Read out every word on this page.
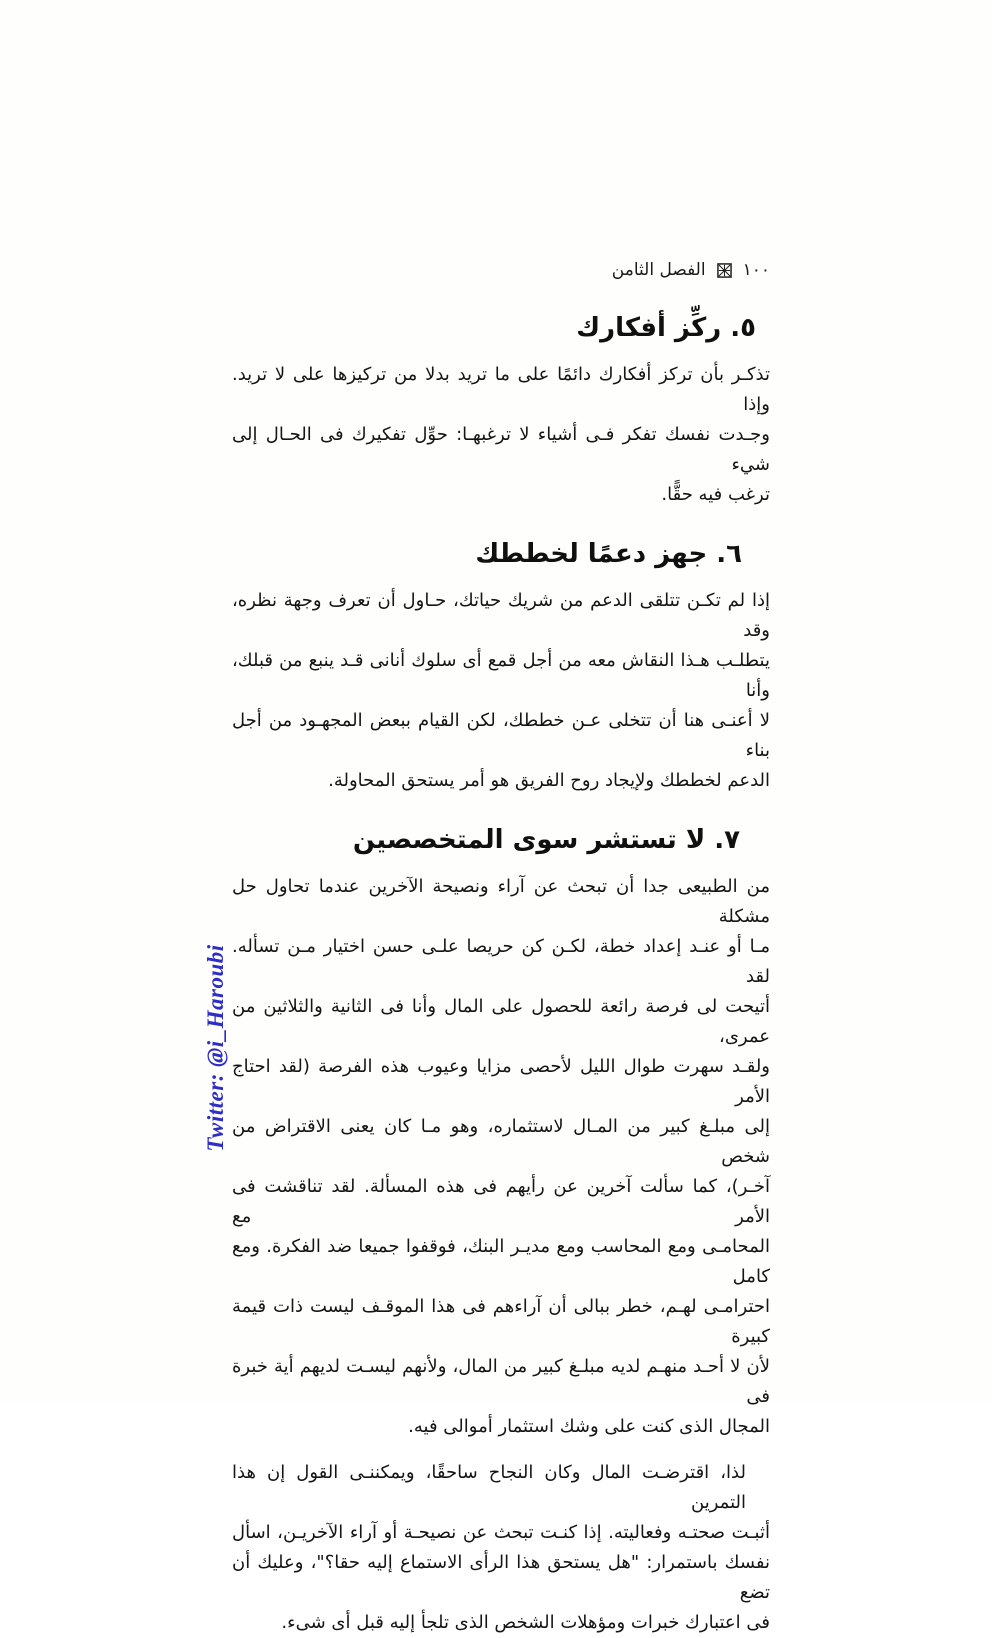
١٠٠
الفصل الثامن
٥. ركِّز أفكارك
تذكـر بأن تركز أفكارك دائمًا على ما تريد بدلا من تركيزها على لا تريد. وإذا
وجـدت نفسك تفكر فـى أشياء لا ترغبهـا: حوِّل تفكيرك فى الحـال إلى شيء
ترغب فيه حقًّا.
٦. جهز دعمًا لخططك
إذا لم تكـن تتلقى الدعم من شريك حياتك، حـاول أن تعرف وجهة نظره، وقد
يتطلـب هـذا النقاش معه من أجل قمع أى سلوك أنانى قـد ينبع من قبلك، وأنا
لا أعنـى هنا أن تتخلى عـن خططك، لكن القيام ببعض المجهـود من أجل بناء
الدعم لخططك ولإيجاد روح الفريق هو أمر يستحق المحاولة.
٧. لا تستشر سوى المتخصصين
من الطبيعى جدا أن تبحث عن آراء ونصيحة الآخرين عندما تحاول حل مشكلة
مـا أو عنـد إعداد خطة، لكـن كن حريصا علـى حسن اختيار مـن تسأله. لقد
أتيحت لى فرصة رائعة للحصول على المال وأنا فى الثانية والثلاثين من عمرى،
ولقـد سهرت طوال الليل لأحصى مزايا وعيوب هذه الفرصة (لقد احتاج الأمر
إلى مبلـغ كبير من المـال لاستثماره، وهو مـا كان يعنى الاقتراض من شخص
آخـر)، كما سألت آخرين عن رأيهم فى هذه المسألة. لقد تناقشت فى الأمر مع
المحامـى ومع المحاسب ومع مديـر البنك، فوقفوا جميعا ضد الفكرة. ومع كامل
احترامـى لهـم، خطر ببالى أن آراءهم فى هذا الموقـف ليست ذات قيمة كبيرة
لأن لا أحـد منهـم لديه مبلـغ كبير من المال، ولأنهم ليسـت لديهم أية خبرة فى
المجال الذى كنت على وشك استثمار أموالى فيه.
لذا، اقترضـت المال وكان النجاح ساحقًا، ويمكننـى القول إن هذا التمرين
أثبـت صحتـه وفعاليته. إذا كنـت تبحث عن نصيحـة أو آراء الآخريـن، اسأل
نفسك باستمرار: "هل يستحق هذا الرأى الاستماع إليه حقا؟"، وعليك أن تضع
فى اعتبارك خبرات ومؤهلات الشخص الذى تلجأ إليه قبل أى شىء.
Twitter: @i_Haroubi
